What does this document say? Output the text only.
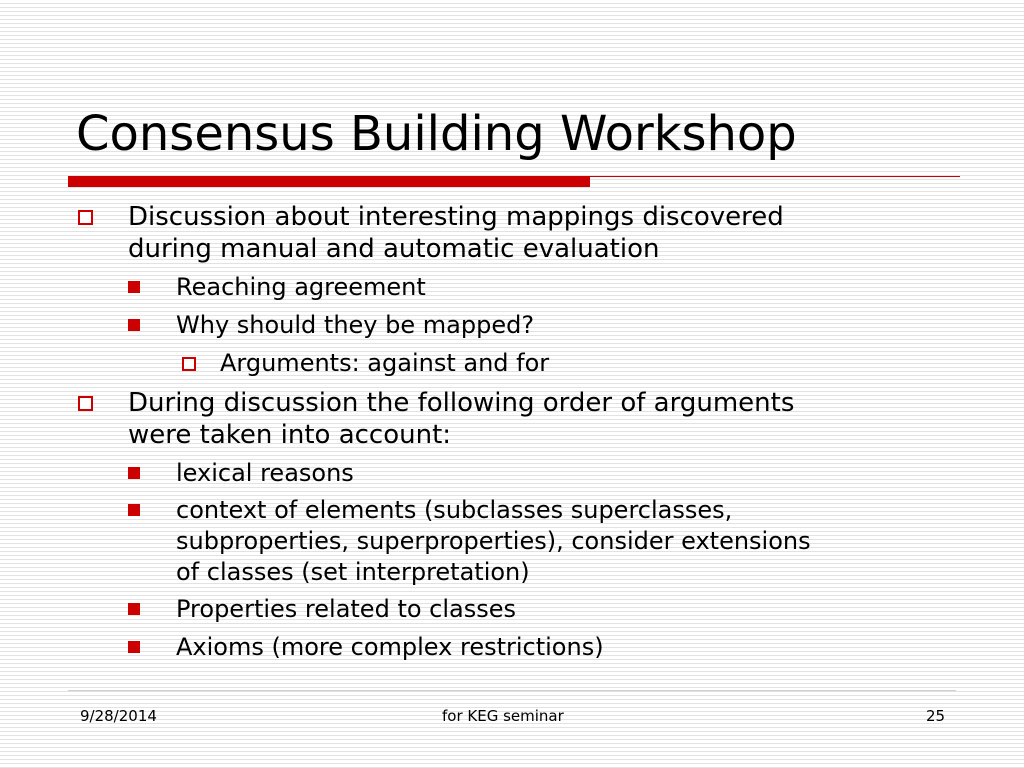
Consensus Building Workshop
Discussion about interesting mappings discovered
during manual and automatic evaluation
Reaching agreement
Why should they be mapped?
Arguments: against and for
During discussion the following order of arguments
were taken into account:
lexical reasons
context of elements (subclasses superclasses,
subproperties, superproperties), consider extensions
of classes (set interpretation)
Properties related to classes
Axioms (more complex restrictions)
9/28/2014	for KEG seminar	25
